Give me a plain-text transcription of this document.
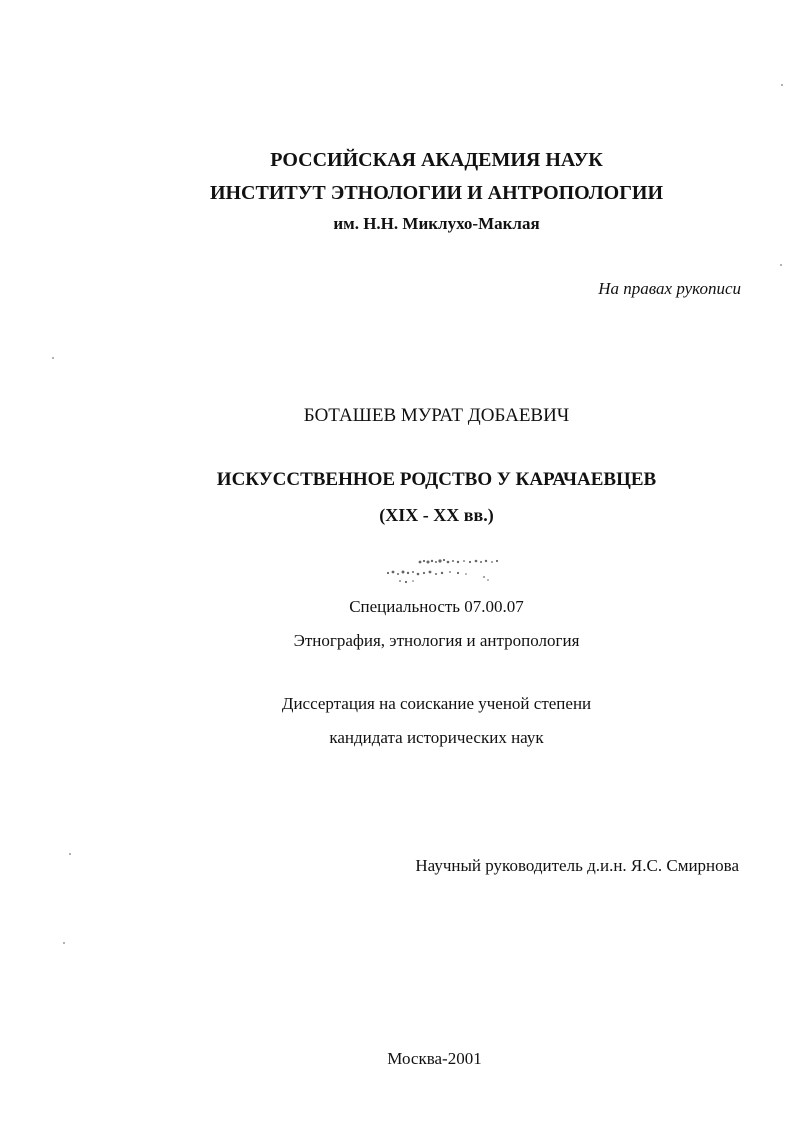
РОССИЙСКАЯ АКАДЕМИЯ НАУК
ИНСТИТУТ ЭТНОЛОГИИ И АНТРОПОЛОГИИ
им. Н.Н. Миклухо-Маклая
На правах рукописи
БОТАШЕВ МУРАТ ДОБАЕВИЧ
ИСКУССТВЕННОЕ РОДСТВО У КАРАЧАЕВЦЕВ
(XIX - XX вв.)
Специальность 07.00.07
Этнография, этнология и антропология
Диссертация на соискание ученой степени
кандидата исторических наук
Научный руководитель д.и.н. Я.С. Смирнова
Москва-2001
